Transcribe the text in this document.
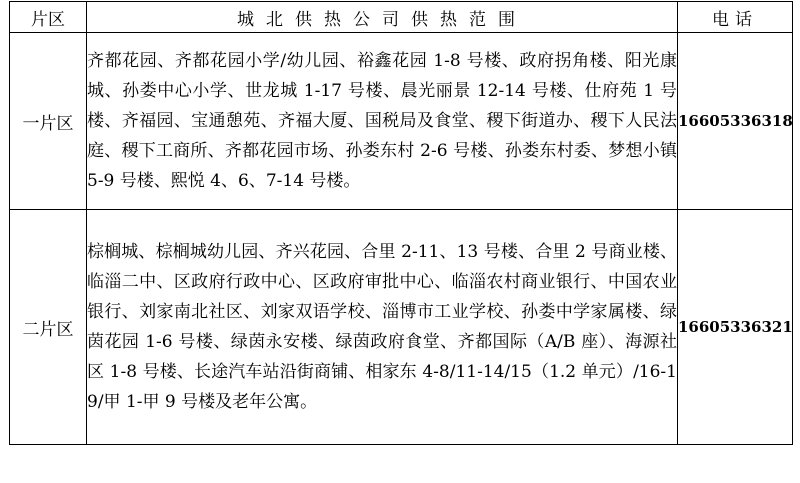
片区	城北供热公司供热范围	电话
一片区	齐都花园、齐都花园小学/幼儿园、裕鑫花园 1-8 号楼、政府拐角楼、阳光康城、孙娄中心小学、世龙城 1-17 号楼、晨光丽景 12-14 号楼、仕府苑 1 号楼、齐福园、宝通憩苑、齐福大厦、国税局及食堂、稷下街道办、稷下人民法庭、稷下工商所、齐都花园市场、孙娄东村 2-6 号楼、孙娄东村委、梦想小镇 5-9 号楼、熙悦 4、6、7-14 号楼。	16605336318
二片区	棕榈城、棕榈城幼儿园、齐兴花园、合里 2-11、13 号楼、合里 2 号商业楼、临淄二中、区政府行政中心、区政府审批中心、临淄农村商业银行、中国农业银行、刘家南北社区、刘家双语学校、淄博市工业学校、孙娄中学家属楼、绿茵花园 1-6 号楼、绿茵永安楼、绿茵政府食堂、齐都国际（A/B 座）、海源社区 1-8 号楼、长途汽车站沿街商铺、相家东 4-8/11-14/15（1.2 单元）/16-19/甲 1-甲 9 号楼及老年公寓。	16605336321
